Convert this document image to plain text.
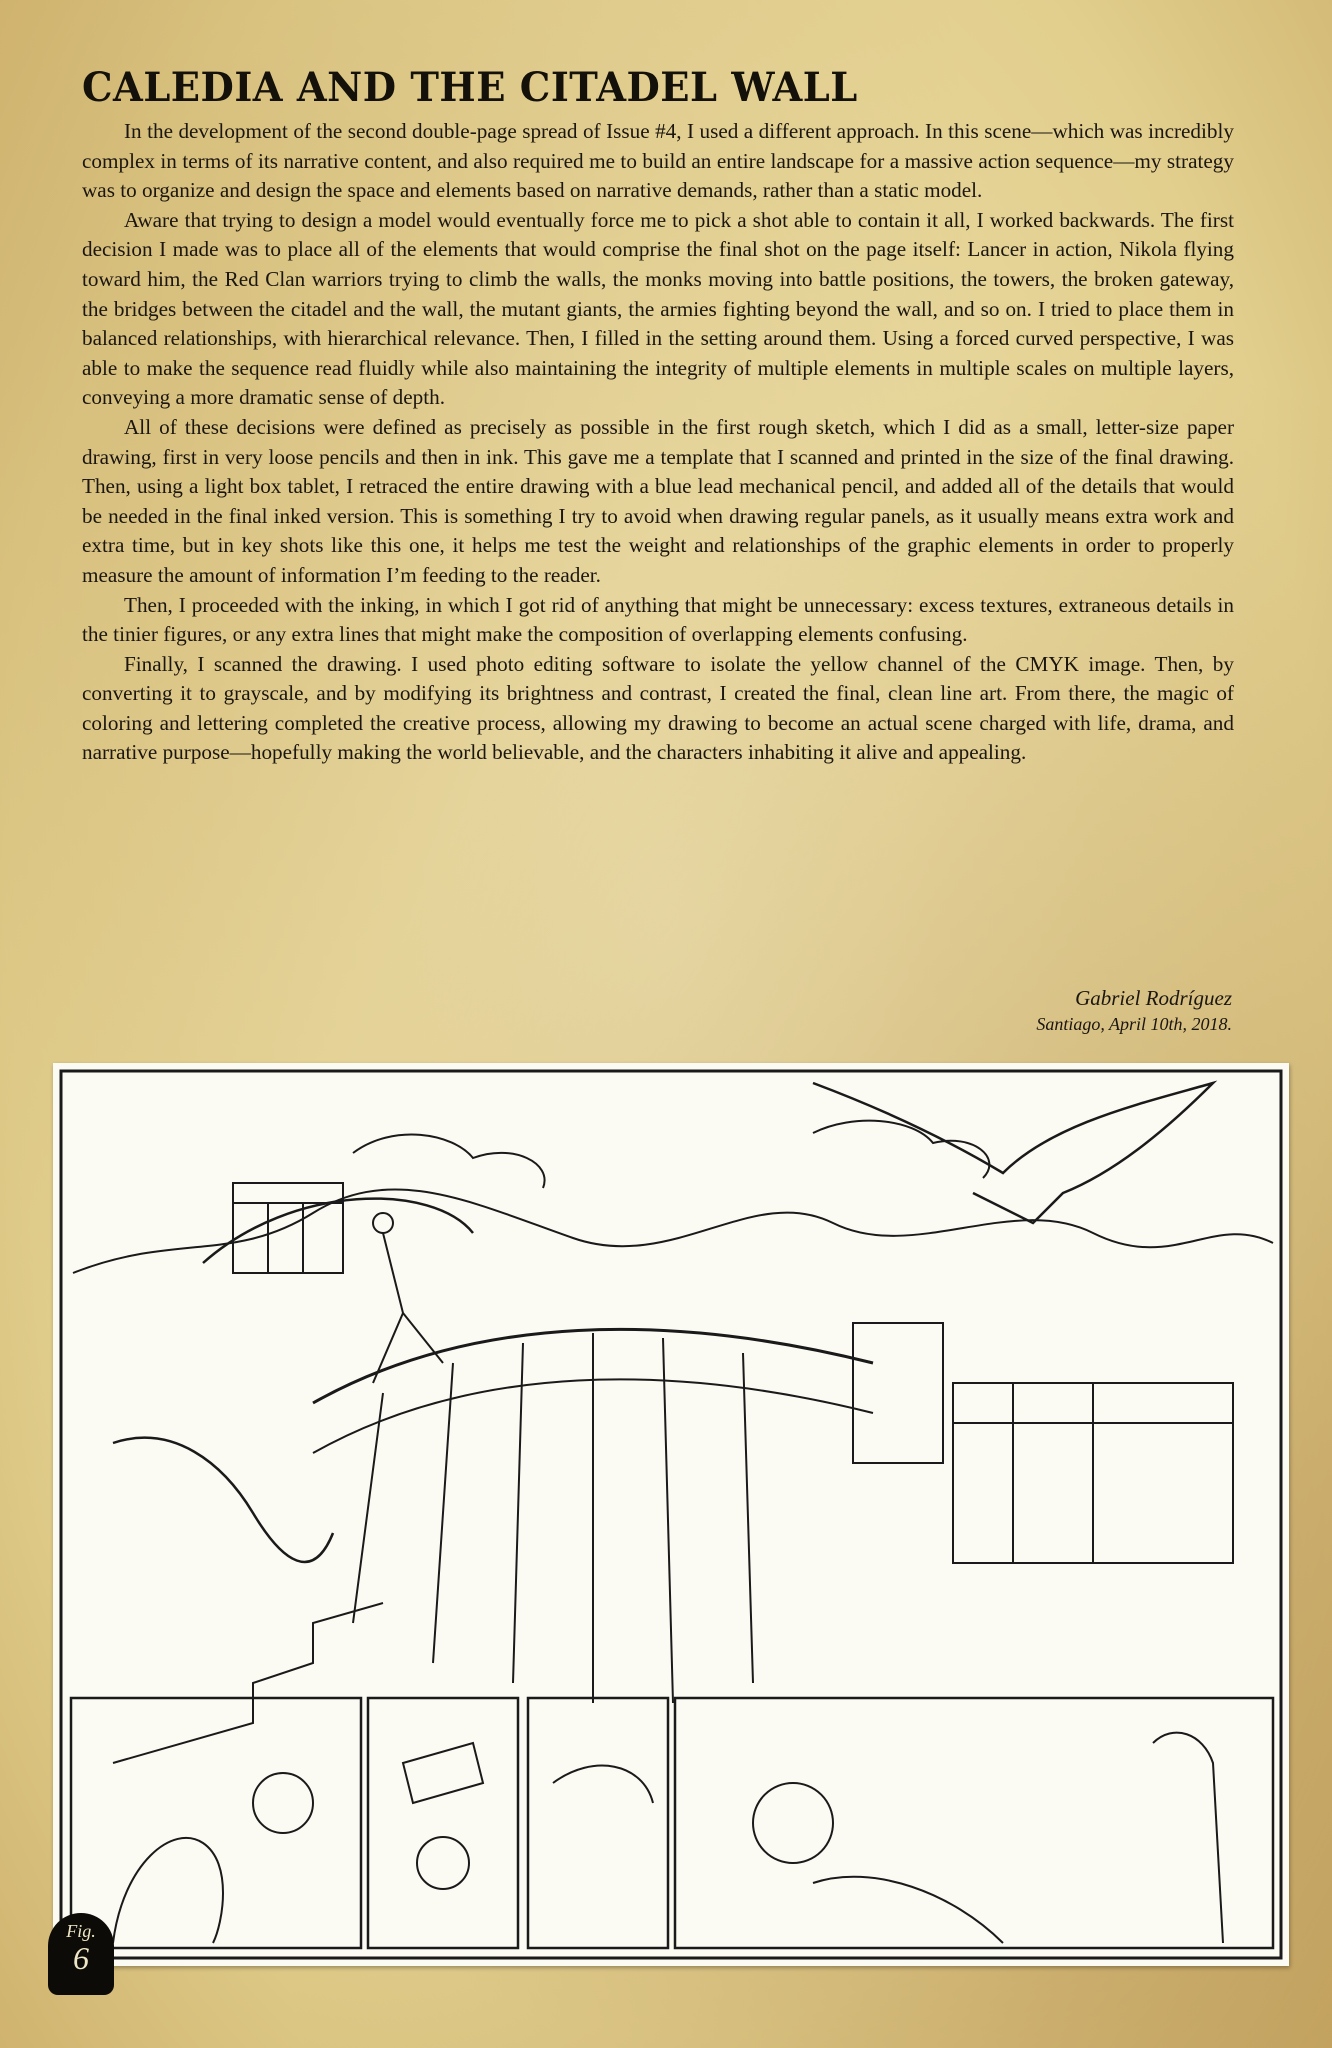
CALEDIA AND THE CITADEL WALL

In the development of the second double-page spread of Issue #4, I used a different approach. In this scene—which was incredibly complex in terms of its narrative content, and also required me to build an entire landscape for a massive action sequence—my strategy was to organize and design the space and elements based on narrative demands, rather than a static model.

Aware that trying to design a model would eventually force me to pick a shot able to contain it all, I worked backwards. The first decision I made was to place all of the elements that would comprise the final shot on the page itself: Lancer in action, Nikola flying toward him, the Red Clan warriors trying to climb the walls, the monks moving into battle positions, the towers, the broken gateway, the bridges between the citadel and the wall, the mutant giants, the armies fighting beyond the wall, and so on. I tried to place them in balanced relationships, with hierarchical relevance. Then, I filled in the setting around them. Using a forced curved perspective, I was able to make the sequence read fluidly while also maintaining the integrity of multiple elements in multiple scales on multiple layers, conveying a more dramatic sense of depth.

All of these decisions were defined as precisely as possible in the first rough sketch, which I did as a small, letter-size paper drawing, first in very loose pencils and then in ink. This gave me a template that I scanned and printed in the size of the final drawing. Then, using a light box tablet, I retraced the entire drawing with a blue lead mechanical pencil, and added all of the details that would be needed in the final inked version. This is something I try to avoid when drawing regular panels, as it usually means extra work and extra time, but in key shots like this one, it helps me test the weight and relationships of the graphic elements in order to properly measure the amount of information I’m feeding to the reader.

Then, I proceeded with the inking, in which I got rid of anything that might be unnecessary: excess textures, extraneous details in the tinier figures, or any extra lines that might make the composition of overlapping elements confusing.

Finally, I scanned the drawing. I used photo editing software to isolate the yellow channel of the CMYK image. Then, by converting it to grayscale, and by modifying its brightness and contrast, I created the final, clean line art. From there, the magic of coloring and lettering completed the creative process, allowing my drawing to become an actual scene charged with life, drama, and narrative purpose—hopefully making the world believable, and the characters inhabiting it alive and appealing.

Gabriel Rodríguez
Santiago, April 10th, 2018.
Fig.
6
